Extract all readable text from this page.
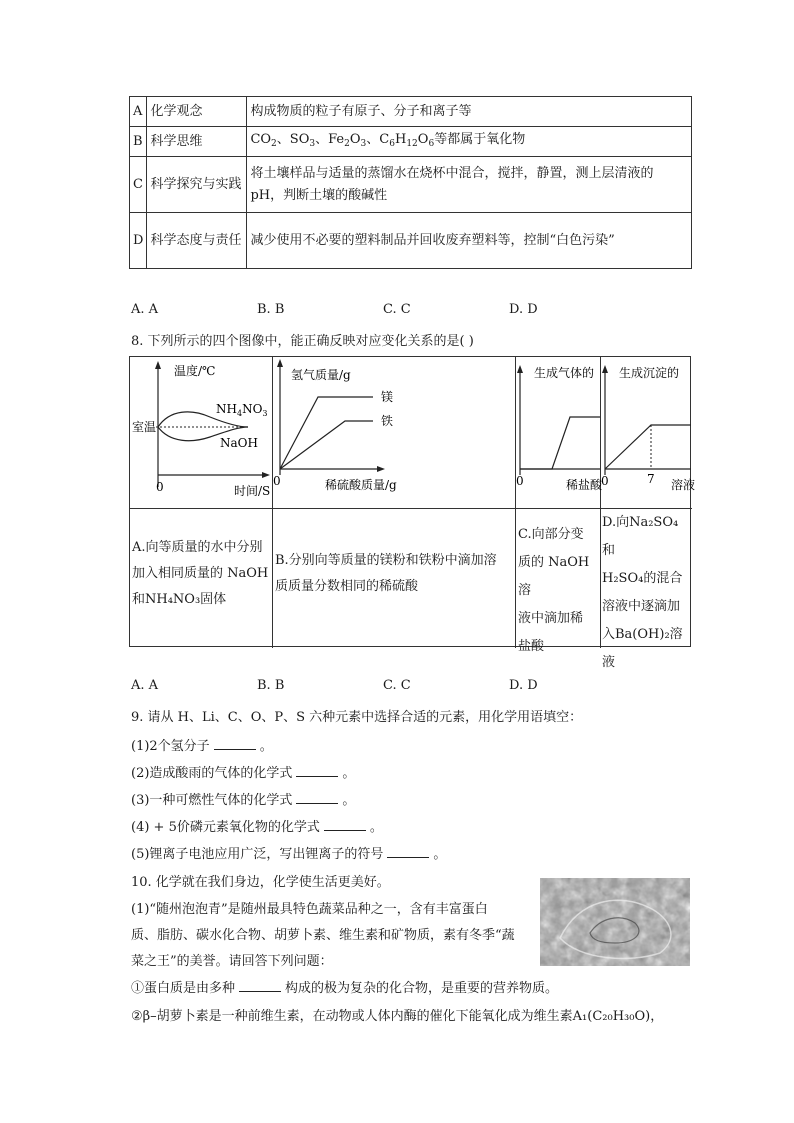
A	化学观念	构成物质的粒子有原子、分子和离子等
B	科学思维	$CO_2$、$SO_3$、$Fe_2O_3$、$C_6H_{12}O_6$等都属于氧化物
C	科学探究与实践	将土壤样品与适量的蒸馏水在烧杯中混合，搅拌，静置，测上层清液的
pH，判断土壤的酸碱性

D	科学态度与责任	减少使用不必要的塑料制品并回收废弃塑料等，控制“白色污染”
A. A	B. B	C. C	D. D
8. 下列所示的四个图像中，能正确反映对应变化关系的是( )
温度/℃
室温
$NH_4NO_3$
NaOH
0	时间/S
氢气质量/g
镁
铁
0	稀硫酸质量/g
生成气体的
0	稀盐酸
生成沉淀的
0	7 溶液
A.向等质量的水中分别
加入相同质量的 NaOH
和NH₄NO₃固体
B.分别向等质量的镁粉和铁粉中滴加溶
质质量分数相同的稀硫酸
C.向部分变
质的 NaOH 溶
液中滴加稀
盐酸
D.向Na₂SO₄和
H₂SO₄的混合
溶液中逐滴加
入Ba(OH)₂溶
液
A. A	B. B	C. C	D. D
9. 请从 H、Li、C、O、P、S 六种元素中选择合适的元素，用化学用语填空：
(1)2个氢分子	。
(2)造成酸雨的气体的化学式	。
(3)一种可燃性气体的化学式	。
(4) + 5价磷元素氧化物的化学式	。
(5)锂离子电池应用广泛，写出锂离子的符号	。
10. 化学就在我们身边，化学使生活更美好。
(1)“随州泡泡青”是随州最具特色蔬菜品种之一，含有丰富蛋白
质、脂肪、碳水化合物、胡萝卜素、维生素和矿物质，素有冬季“蔬
菜之王”的美誉。请回答下列问题：
①蛋白质是由多种	构成的极为复杂的化合物，是重要的营养物质。
②β–胡萝卜素是一种前维生素，在动物或人体内酶的催化下能氧化成为维生素A₁(C₂₀H₃₀O)，
